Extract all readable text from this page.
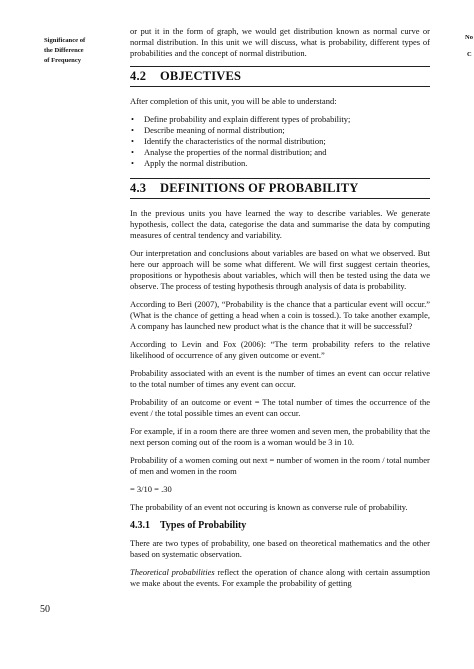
Significance of
the Difference
of Frequency
No
C

or put it in the form of graph, we would get distribution known as normal curve or normal distribution. In this unit we will discuss, what is probability, different types of probabilities and the concept of normal distribution.

4.2 OBJECTIVES

After completion of this unit, you will be able to understand:

• Define probability and explain different types of probability;
• Describe meaning of normal distribution;
• Identify the characteristics of the normal distribution;
• Analyse the properties of the normal distribution; and
• Apply the normal distribution.
4.3 DEFINITIONS OF PROBABILITY

In the previous units you have learned the way to describe variables. We generate hypothesis, collect the data, categorise the data and summarise the data by computing measures of central tendency and variability.

Our interpretation and conclusions about variables are based on what we observed. But here our approach will be some what different. We will first suggest certain theories, propositions or hypothesis about variables, which will then be tested using the data we observe. The process of testing hypothesis through analysis of data is probability.

According to Beri (2007), “Probability is the chance that a particular event will occur.” (What is the chance of getting a head when a coin is tossed.). To take another example, A company has launched new product what is the chance that it will be successful?

According to Levin and Fox (2006): “The term probability refers to the relative likelihood of occurrence of any given outcome or event.”

Probability associated with an event is the number of times an event can occur relative to the total number of times any event can occur.

Probability of an outcome or event = The total number of times the occurrence of the event / the total possible times an event can occur.

For example, if in a room there are three women and seven men, the probability that the next person coming out of the room is a woman would be 3 in 10.

Probability of a women coming out next = number of women in the room / total number of men and women in the room

= 3/10 = .30

The probability of an event not occuring is known as converse rule of probability.

4.3.1 Types of Probability

There are two types of probability, one based on theoretical mathematics and the other based on systematic observation.

Theoretical probabilities reflect the operation of chance along with certain assumption we make about the events. For example the probability of getting

50
